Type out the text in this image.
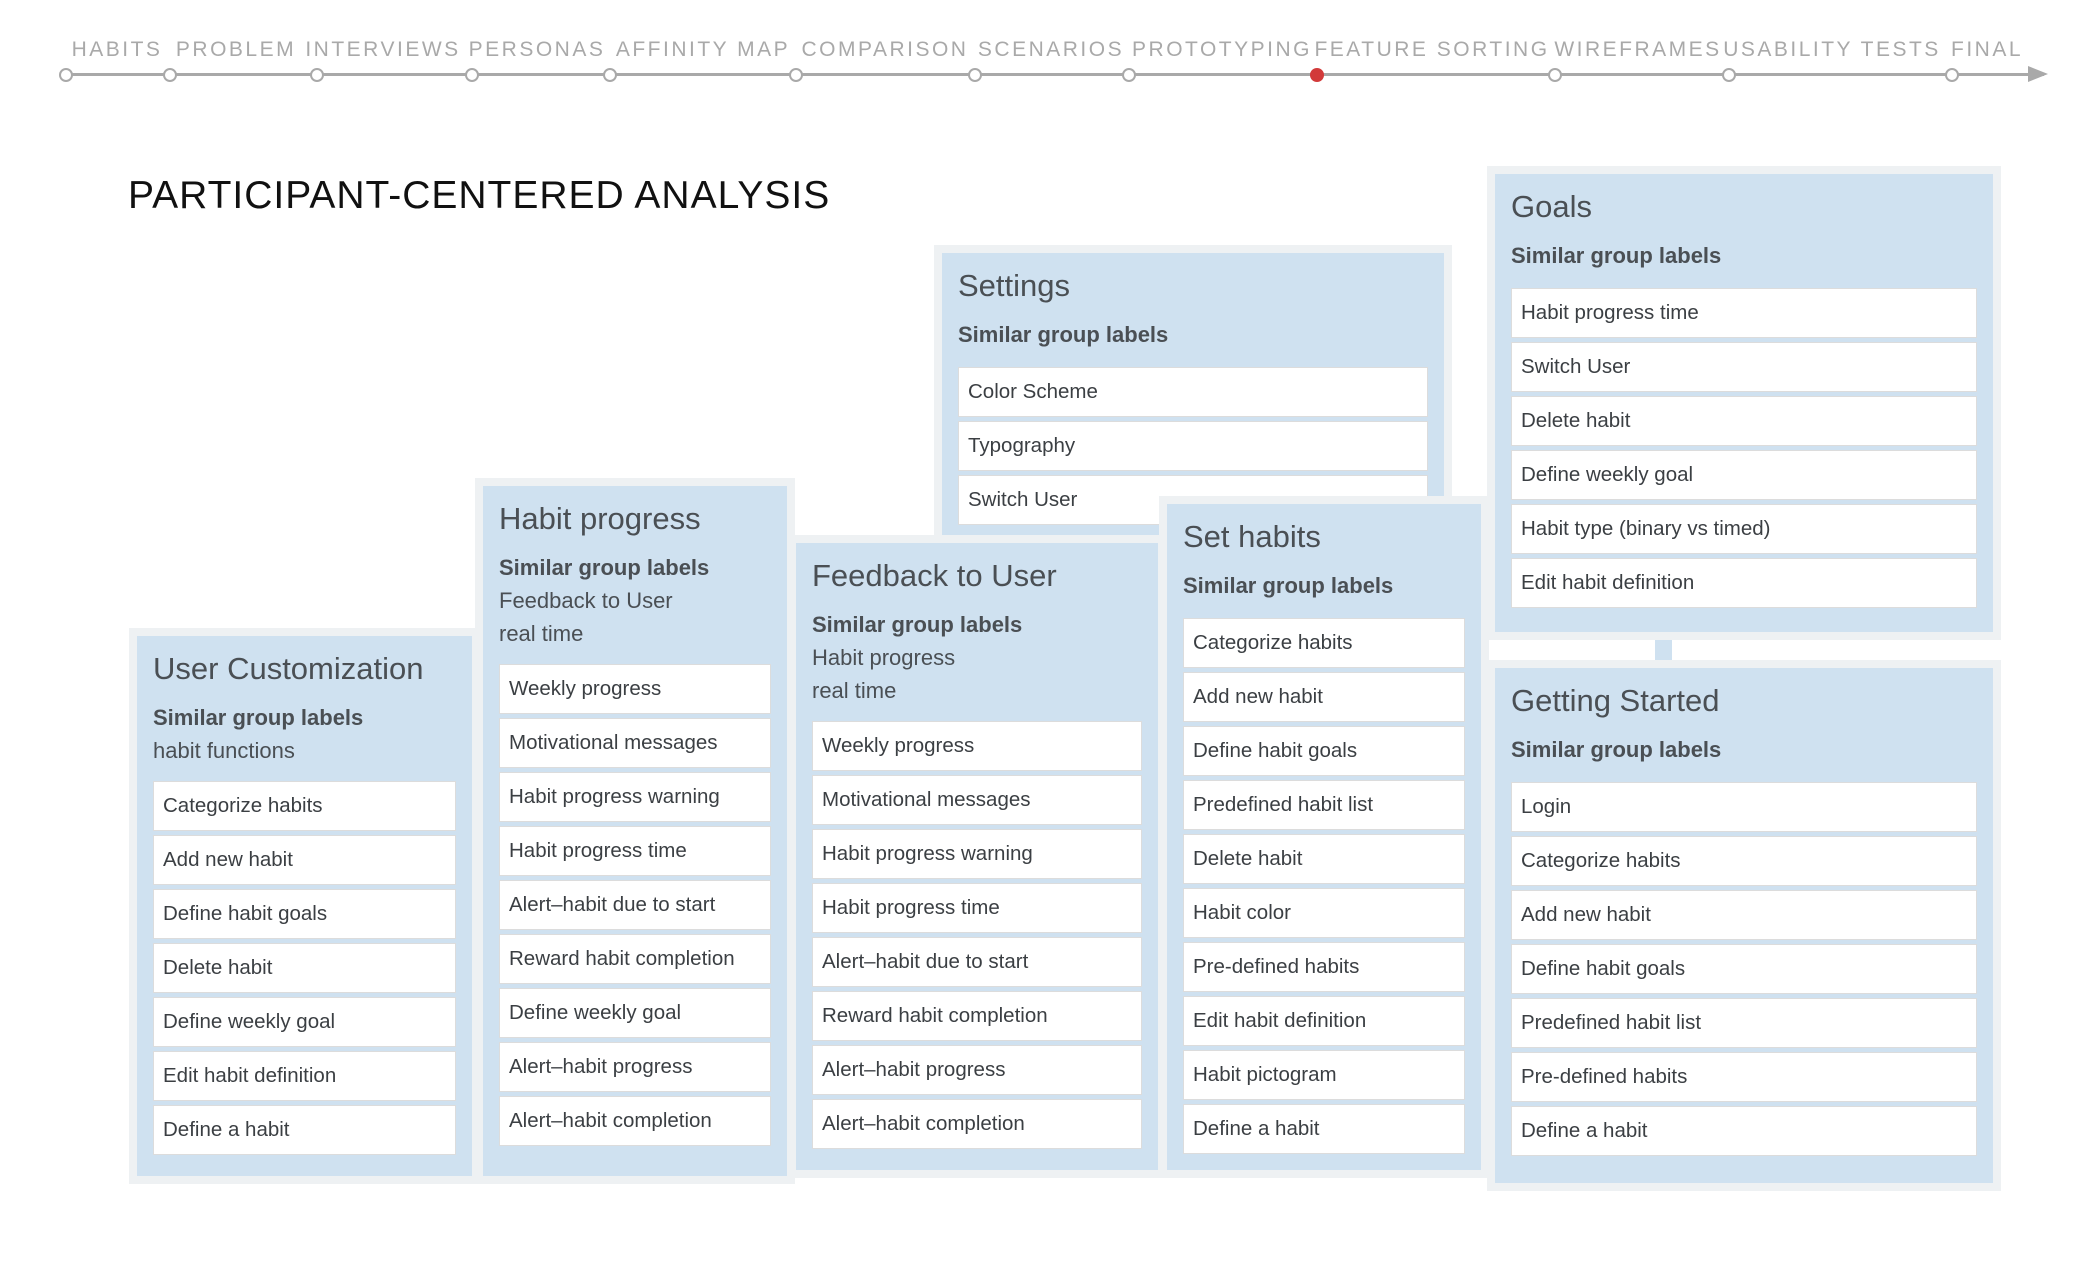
HABITS PROBLEM INTERVIEWS PERSONAS AFFINITY MAP COMPARISON SCENARIOS PROTOTYPING FEATURE SORTING WIREFRAMES USABILITY TESTS FINAL
PARTICIPANT-CENTERED ANALYSIS
Settings
Similar group labels
Color Scheme
Typography
Switch User
Goals
Similar group labels
Habit progress time
Switch User
Delete habit
Define weekly goal
Habit type (binary vs timed)
Edit habit definition
Getting Started
Similar group labels
Login
Categorize habits
Add new habit
Define habit goals
Predefined habit list
Pre-defined habits
Define a habit
User Customization
Similar group labels
habit functions
Categorize habits
Add new habit
Define habit goals
Delete habit
Define weekly goal
Edit habit definition
Define a habit
Habit progress
Similar group labels
Feedback to User
real time
Weekly progress
Motivational messages
Habit progress warning
Habit progress time
Alert–habit due to start
Reward habit completion
Define weekly goal
Alert–habit progress
Alert–habit completion
Feedback to User
Similar group labels
Habit progress
real time
Weekly progress
Motivational messages
Habit progress warning
Habit progress time
Alert–habit due to start
Reward habit completion
Alert–habit progress
Alert–habit completion
Set habits
Similar group labels
Categorize habits
Add new habit
Define habit goals
Predefined habit list
Delete habit
Habit color
Pre-defined habits
Edit habit definition
Habit pictogram
Define a habit
